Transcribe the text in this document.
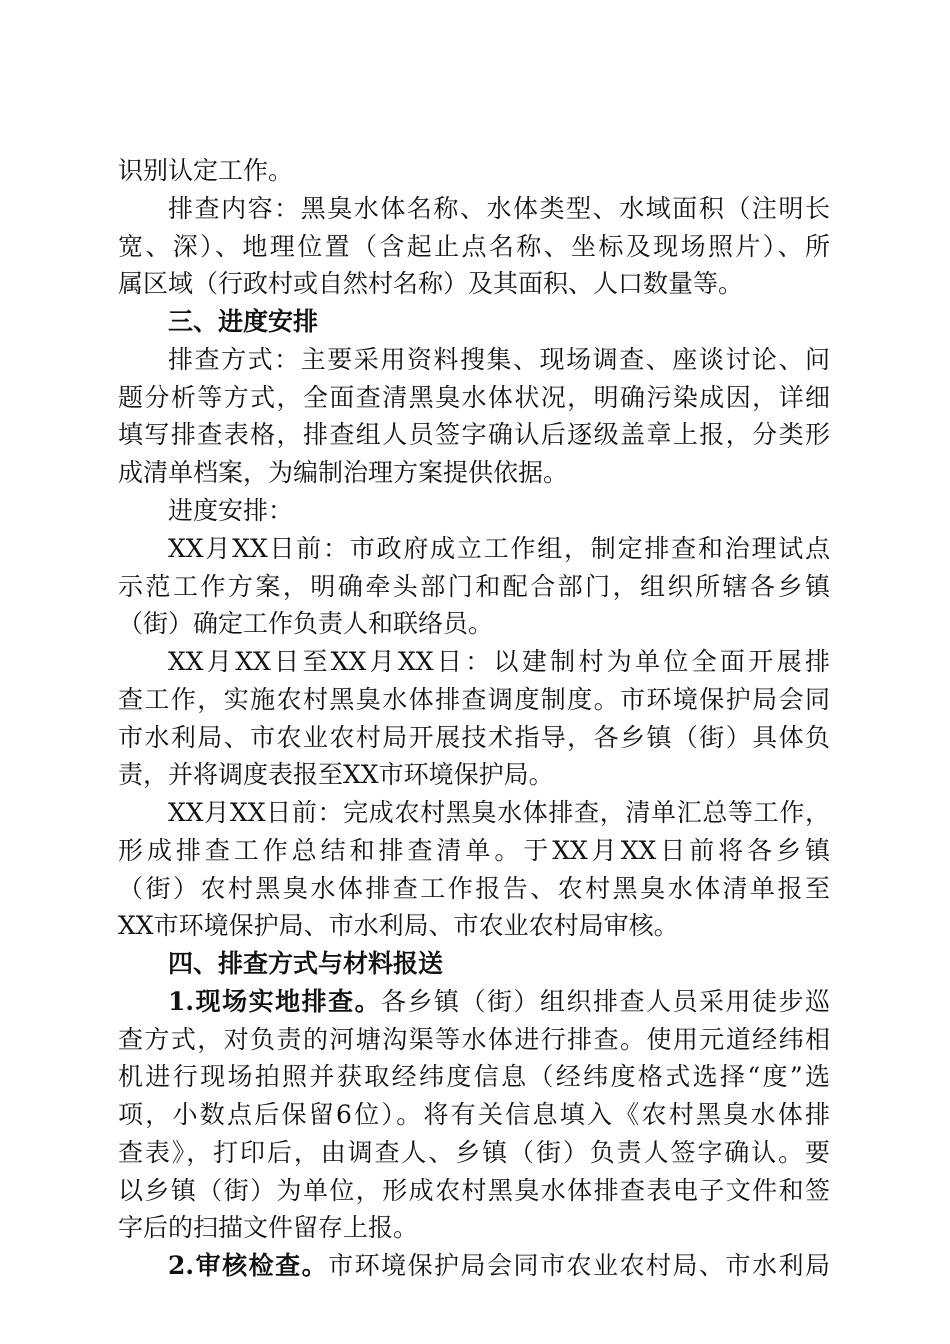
识别认定工作。
排查内容：黑臭水体名称、水体类型、水域面积（注明长
宽、深）、地理位置（含起止点名称、坐标及现场照片）、所
属区域（行政村或自然村名称）及其面积、人口数量等。
三、进度安排
排查方式：主要采用资料搜集、现场调查、座谈讨论、问
题分析等方式，全面查清黑臭水体状况，明确污染成因，详细
填写排查表格，排查组人员签字确认后逐级盖章上报，分类形
成清单档案，为编制治理方案提供依据。
进度安排：
XX月XX日前：市政府成立工作组，制定排查和治理试点
示范工作方案，明确牵头部门和配合部门，组织所辖各乡镇
（街）确定工作负责人和联络员。
XX月XX日至XX月XX日：以建制村为单位全面开展排
查工作，实施农村黑臭水体排查调度制度。市环境保护局会同
市水利局、市农业农村局开展技术指导，各乡镇（街）具体负
责，并将调度表报至XX市环境保护局。
XX月XX日前：完成农村黑臭水体排查，清单汇总等工作，
形成排查工作总结和排查清单。于XX月XX日前将各乡镇
（街）农村黑臭水体排查工作报告、农村黑臭水体清单报至
XX市环境保护局、市水利局、市农业农村局审核。
四、排查方式与材料报送
1.现场实地排查。各乡镇（街）组织排查人员采用徒步巡
查方式，对负责的河塘沟渠等水体进行排查。使用元道经纬相
机进行现场拍照并获取经纬度信息（经纬度格式选择“度”选
项，小数点后保留6位）。将有关信息填入《农村黑臭水体排
查表》，打印后，由调查人、乡镇（街）负责人签字确认。要
以乡镇（街）为单位，形成农村黑臭水体排查表电子文件和签
字后的扫描文件留存上报。
2.审核检查。市环境保护局会同市农业农村局、市水利局
